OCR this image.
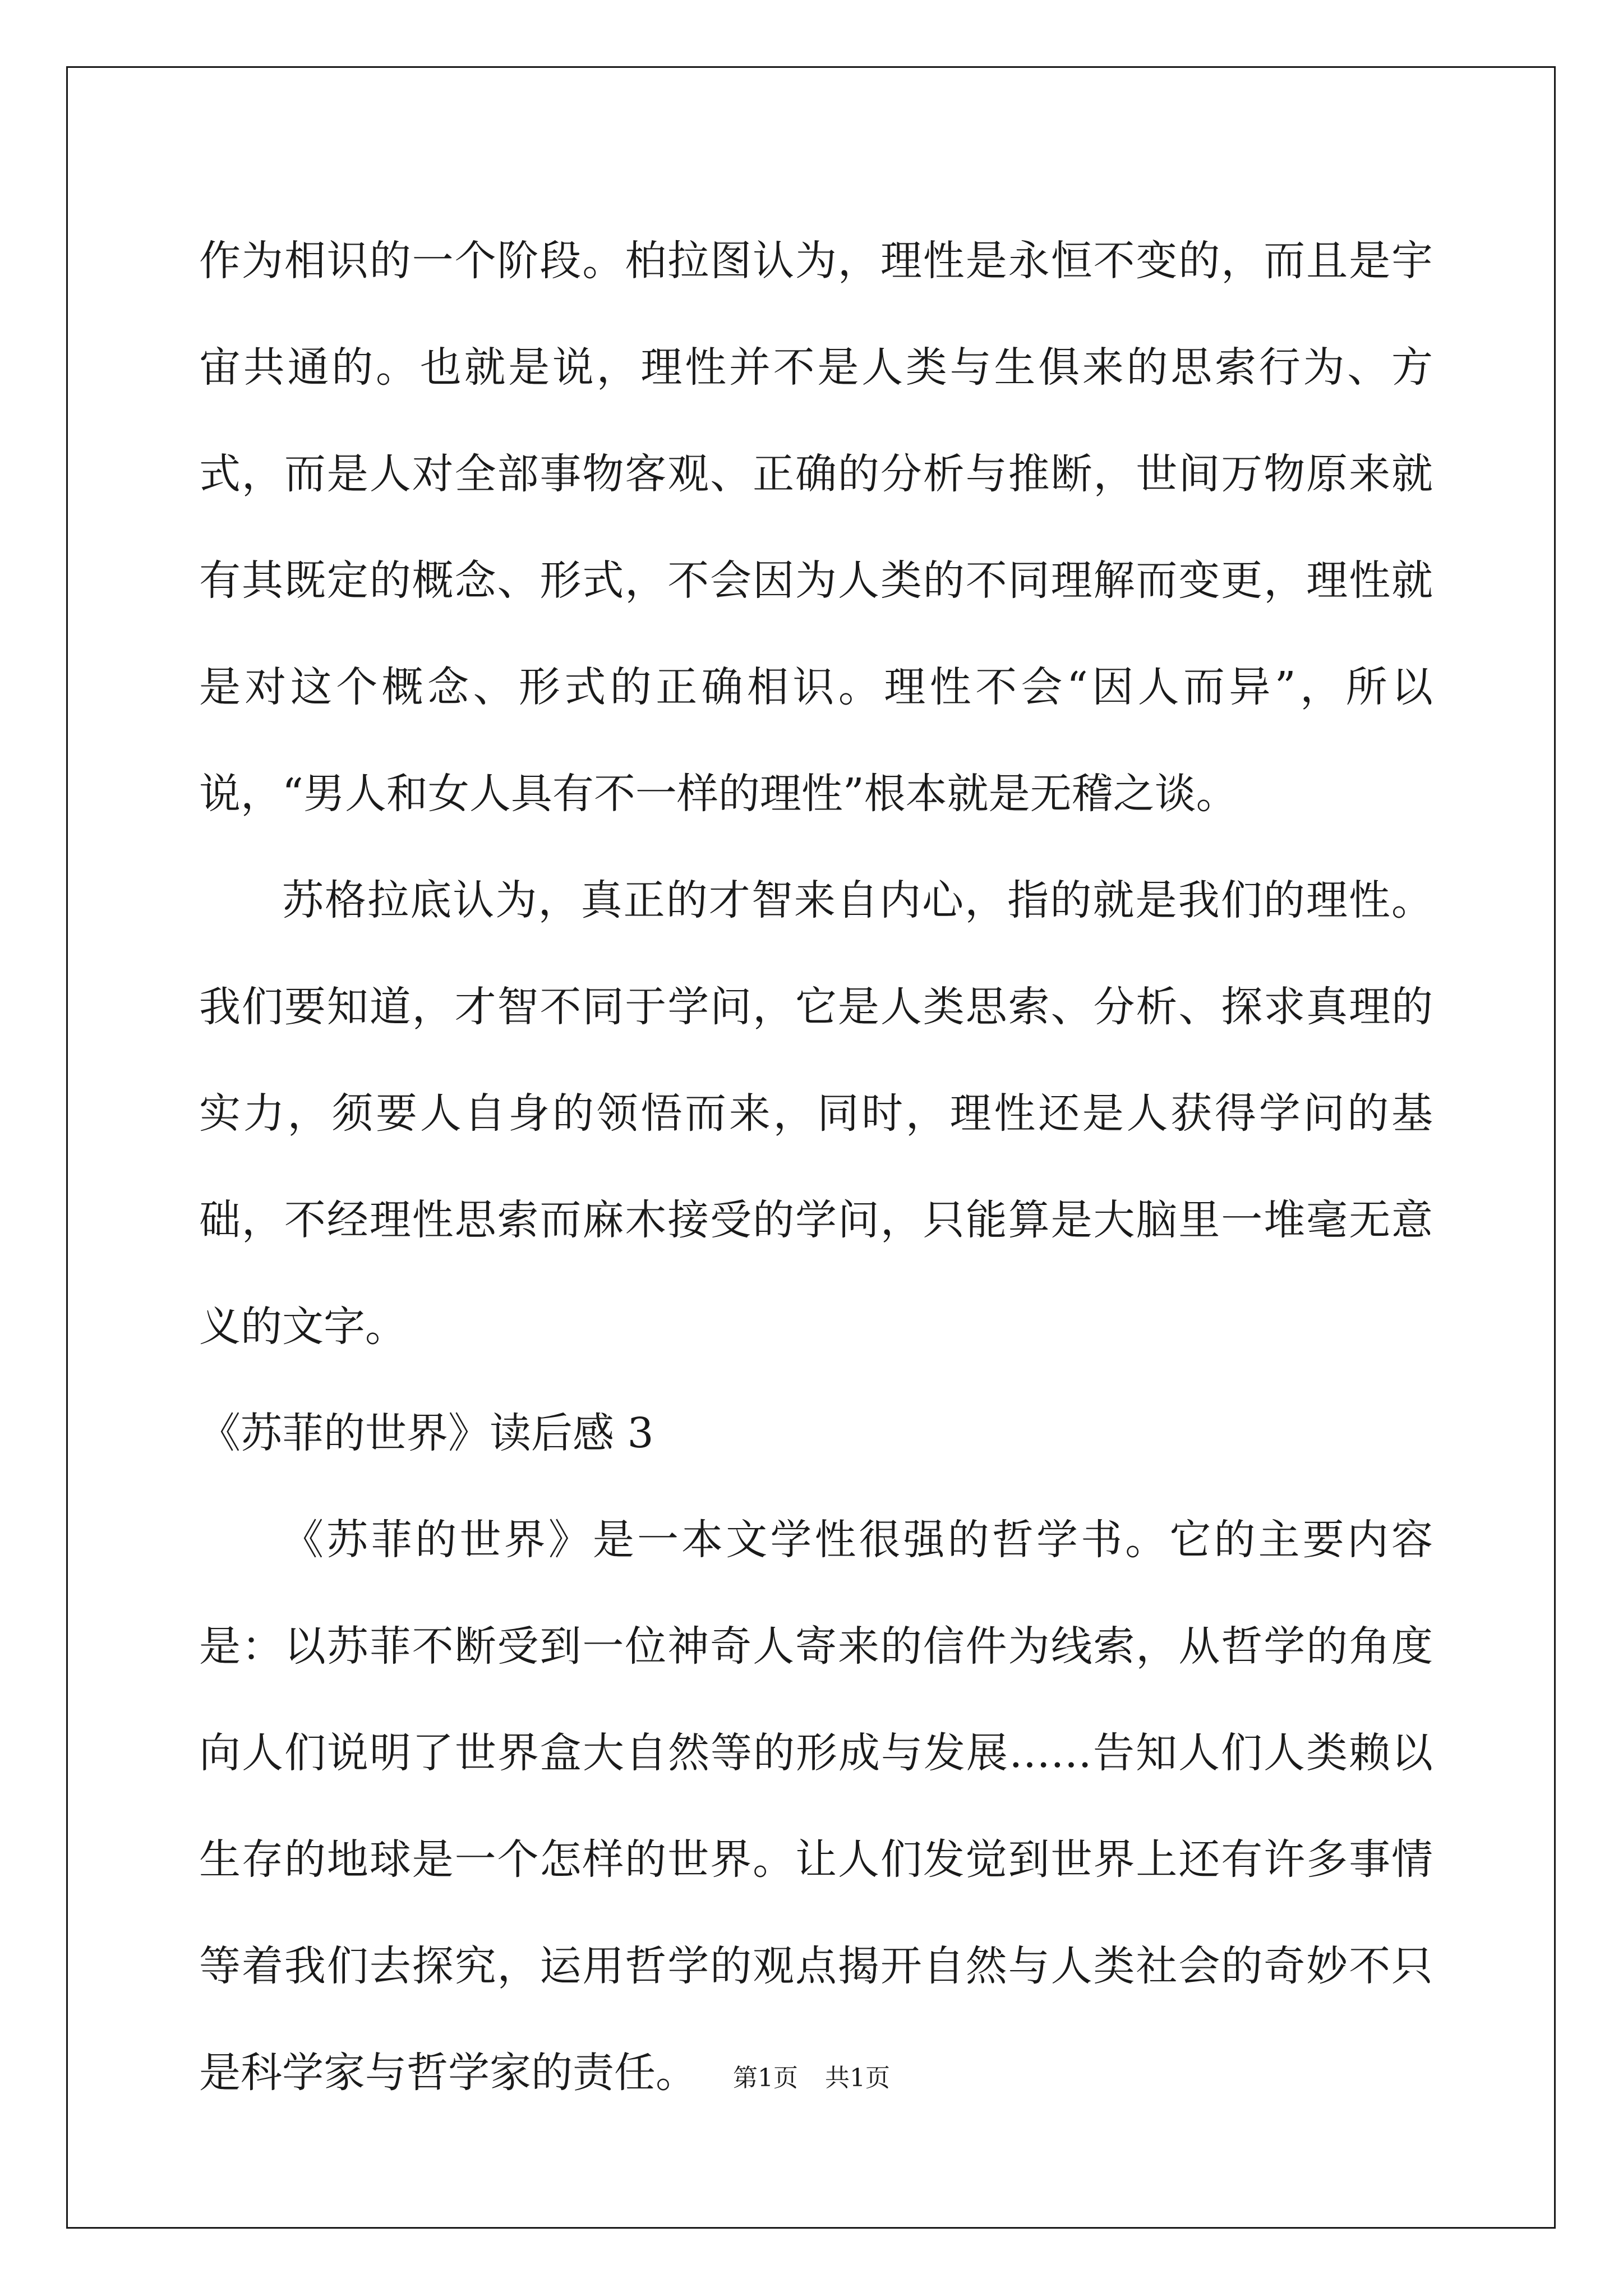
作为相识的一个阶段。柏拉图认为，理性是永恒不变的，而且是宇宙共通的。也就是说，理性并不是人类与生俱来的思索行为、方式，而是人对全部事物客观、正确的分析与推断，世间万物原来就有其既定的概念、形式，不会因为人类的不同理解而变更，理性就是对这个概念、形式的正确相识。理性不会“因人而异”，所以说，“男人和女人具有不一样的理性”根本就是无稽之谈。

苏格拉底认为，真正的才智来自内心，指的就是我们的理性。我们要知道，才智不同于学问，它是人类思索、分析、探求真理的实力，须要人自身的领悟而来，同时，理性还是人获得学问的基础，不经理性思索而麻木接受的学问，只能算是大脑里一堆毫无意义的文字。

《苏菲的世界》读后感 3

《苏菲的世界》是一本文学性很强的哲学书。它的主要内容是：以苏菲不断受到一位神奇人寄来的信件为线索，从哲学的角度向人们说明了世界盒大自然等的形成与发展……告知人们人类赖以生存的地球是一个怎样的世界。让人们发觉到世界上还有许多事情等着我们去探究，运用哲学的观点揭开自然与人类社会的奇妙不只是科学家与哲学家的责任。	第1页 共1页
